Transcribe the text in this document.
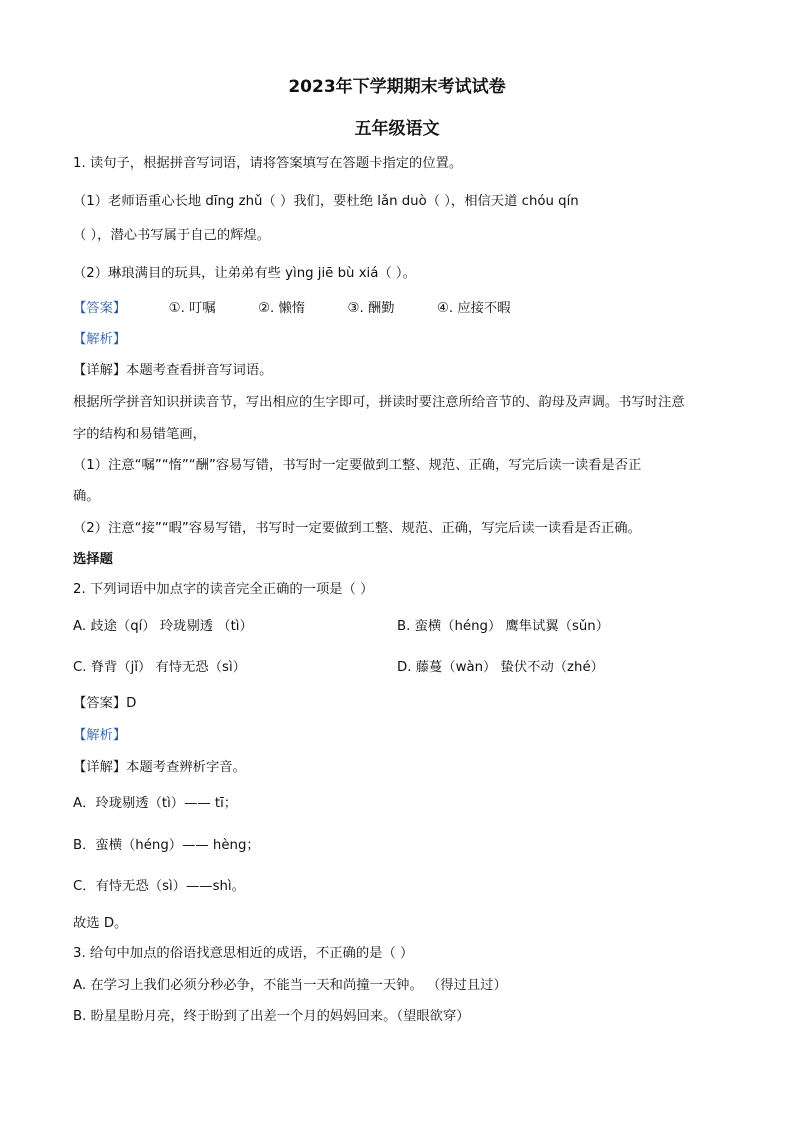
2023年下学期期末考试试卷
五年级语文
1. 读句子，根据拼音写词语，请将答案填写在答题卡指定的位置。
（1）老师语重心长地 dīng zhǔ（ ）我们，要杜绝 lǎn duò（ ），相信天道 chóu qín
（ ），潜心书写属于自己的辉煌。
（2）琳琅满目的玩具，让弟弟有些 yìng jiē bù xiá（ ）。
【答案】	①. 叮嘱	②. 懒惰	③. 酬勤	④. 应接不暇
【解析】
【详解】本题考查看拼音写词语。
根据所学拼音知识拼读音节，写出相应的生字即可，拼读时要注意所给音节的、韵母及声调。书写时注意
字的结构和易错笔画，
（1）注意“嘱”“惰”“酬”容易写错，书写时一定要做到工整、规范、正确，写完后读一读看是否正
确。
（2）注意“接”“暇”容易写错，书写时一定要做到工整、规范、正确，写完后读一读看是否正确。
选择题
2. 下列词语中加点字的读音完全正确的一项是（ ）
A. 歧途（qí） 玲珑剔透 （tì）	B. 蛮横（héng） 鹰隼试翼（sǔn）
C. 脊背（jǐ） 有恃无恐（sì）	D. 藤蔓（wàn） 蛰伏不动（zhé）
【答案】D
【解析】
【详解】本题考查辨析字音。
A．玲珑剔透（tì）—— tī；
B．蛮横（héng）—— hèng；
C．有恃无恐（sì）——shì。
故选 D。
3. 给句中加点的俗语找意思相近的成语，不正确的是（ ）
A. 在学习上我们必须分秒必争，不能当一天和尚撞一天钟。 （得过且过）
B. 盼星星盼月亮，终于盼到了出差一个月的妈妈回来。（望眼欲穿）
